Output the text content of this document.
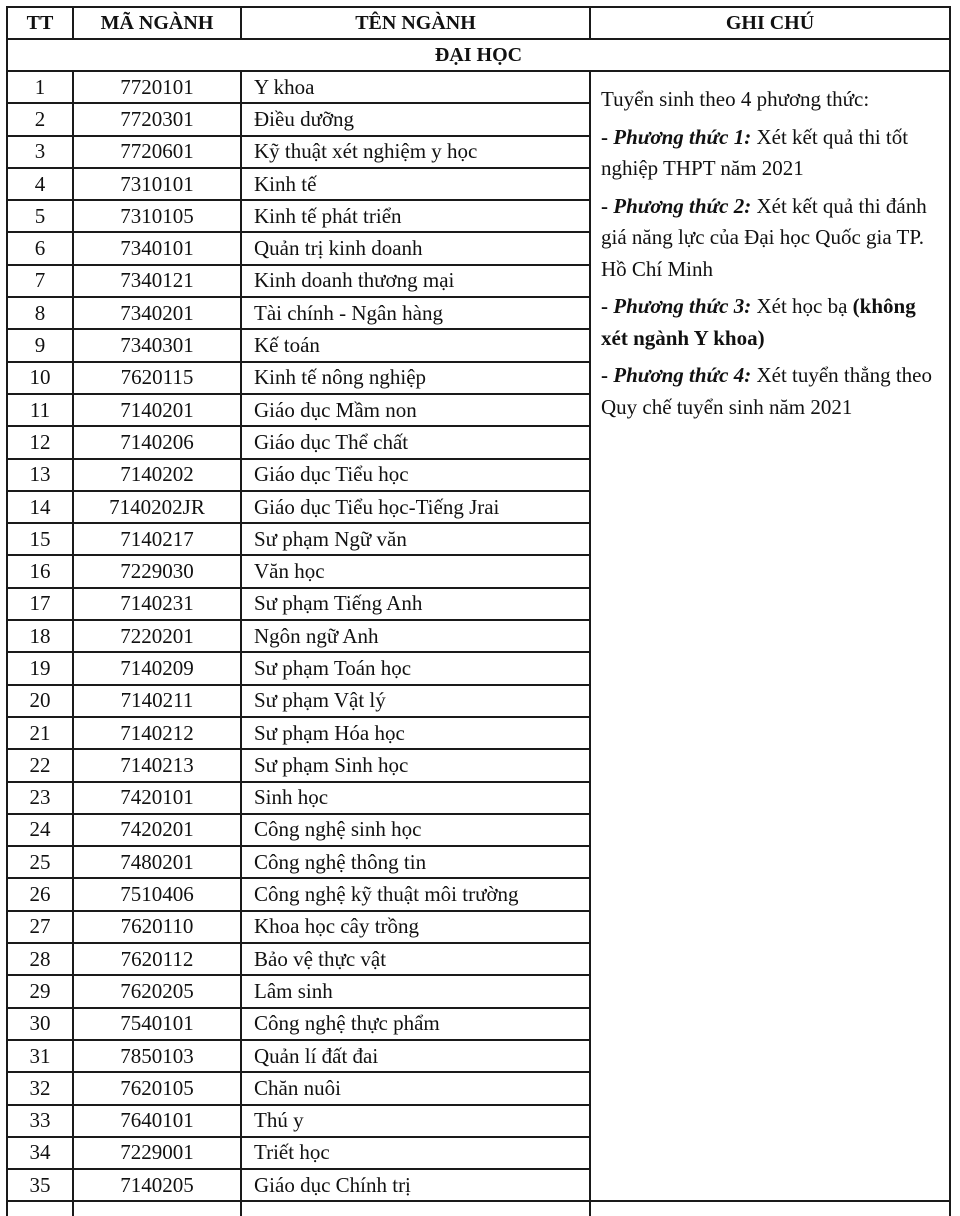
TT	MÃ NGÀNH	TÊN NGÀNH	GHI CHÚ
ĐẠI HỌC			
1	7720101	Y khoa	Tuyển sinh theo 4 phương thức:

- Phương thức 1: Xét kết quả thi tốt nghiệp THPT năm 2021

- Phương thức 2: Xét kết quả thi đánh giá năng lực của Đại học Quốc gia TP. Hồ Chí Minh

- Phương thức 3: Xét học bạ (không xét ngành Y khoa)

- Phương thức 4: Xét tuyển thẳng theo Quy chế tuyển sinh năm 2021

2	7720301	Điều dưỡng	
3	7720601	Kỹ thuật xét nghiệm y học	
4	7310101	Kinh tế	
5	7310105	Kinh tế phát triển	
6	7340101	Quản trị kinh doanh	
7	7340121	Kinh doanh thương mại	
8	7340201	Tài chính - Ngân hàng	
9	7340301	Kế toán	
10	7620115	Kinh tế nông nghiệp	
11	7140201	Giáo dục Mầm non	
12	7140206	Giáo dục Thể chất	
13	7140202	Giáo dục Tiểu học	
14	7140202JR	Giáo dục Tiểu học-Tiếng Jrai	
15	7140217	Sư phạm Ngữ văn	
16	7229030	Văn học	
17	7140231	Sư phạm Tiếng Anh	
18	7220201	Ngôn ngữ Anh	
19	7140209	Sư phạm Toán học	
20	7140211	Sư phạm Vật lý	
21	7140212	Sư phạm Hóa học	
22	7140213	Sư phạm Sinh học	
23	7420101	Sinh học	
24	7420201	Công nghệ sinh học	
25	7480201	Công nghệ thông tin	
26	7510406	Công nghệ kỹ thuật môi trường	
27	7620110	Khoa học cây trồng	
28	7620112	Bảo vệ thực vật	
29	7620205	Lâm sinh	
30	7540101	Công nghệ thực phẩm	
31	7850103	Quản lí đất đai	
32	7620105	Chăn nuôi	
33	7640101	Thú y	
34	7229001	Triết học	
35	7140205	Giáo dục Chính trị	
